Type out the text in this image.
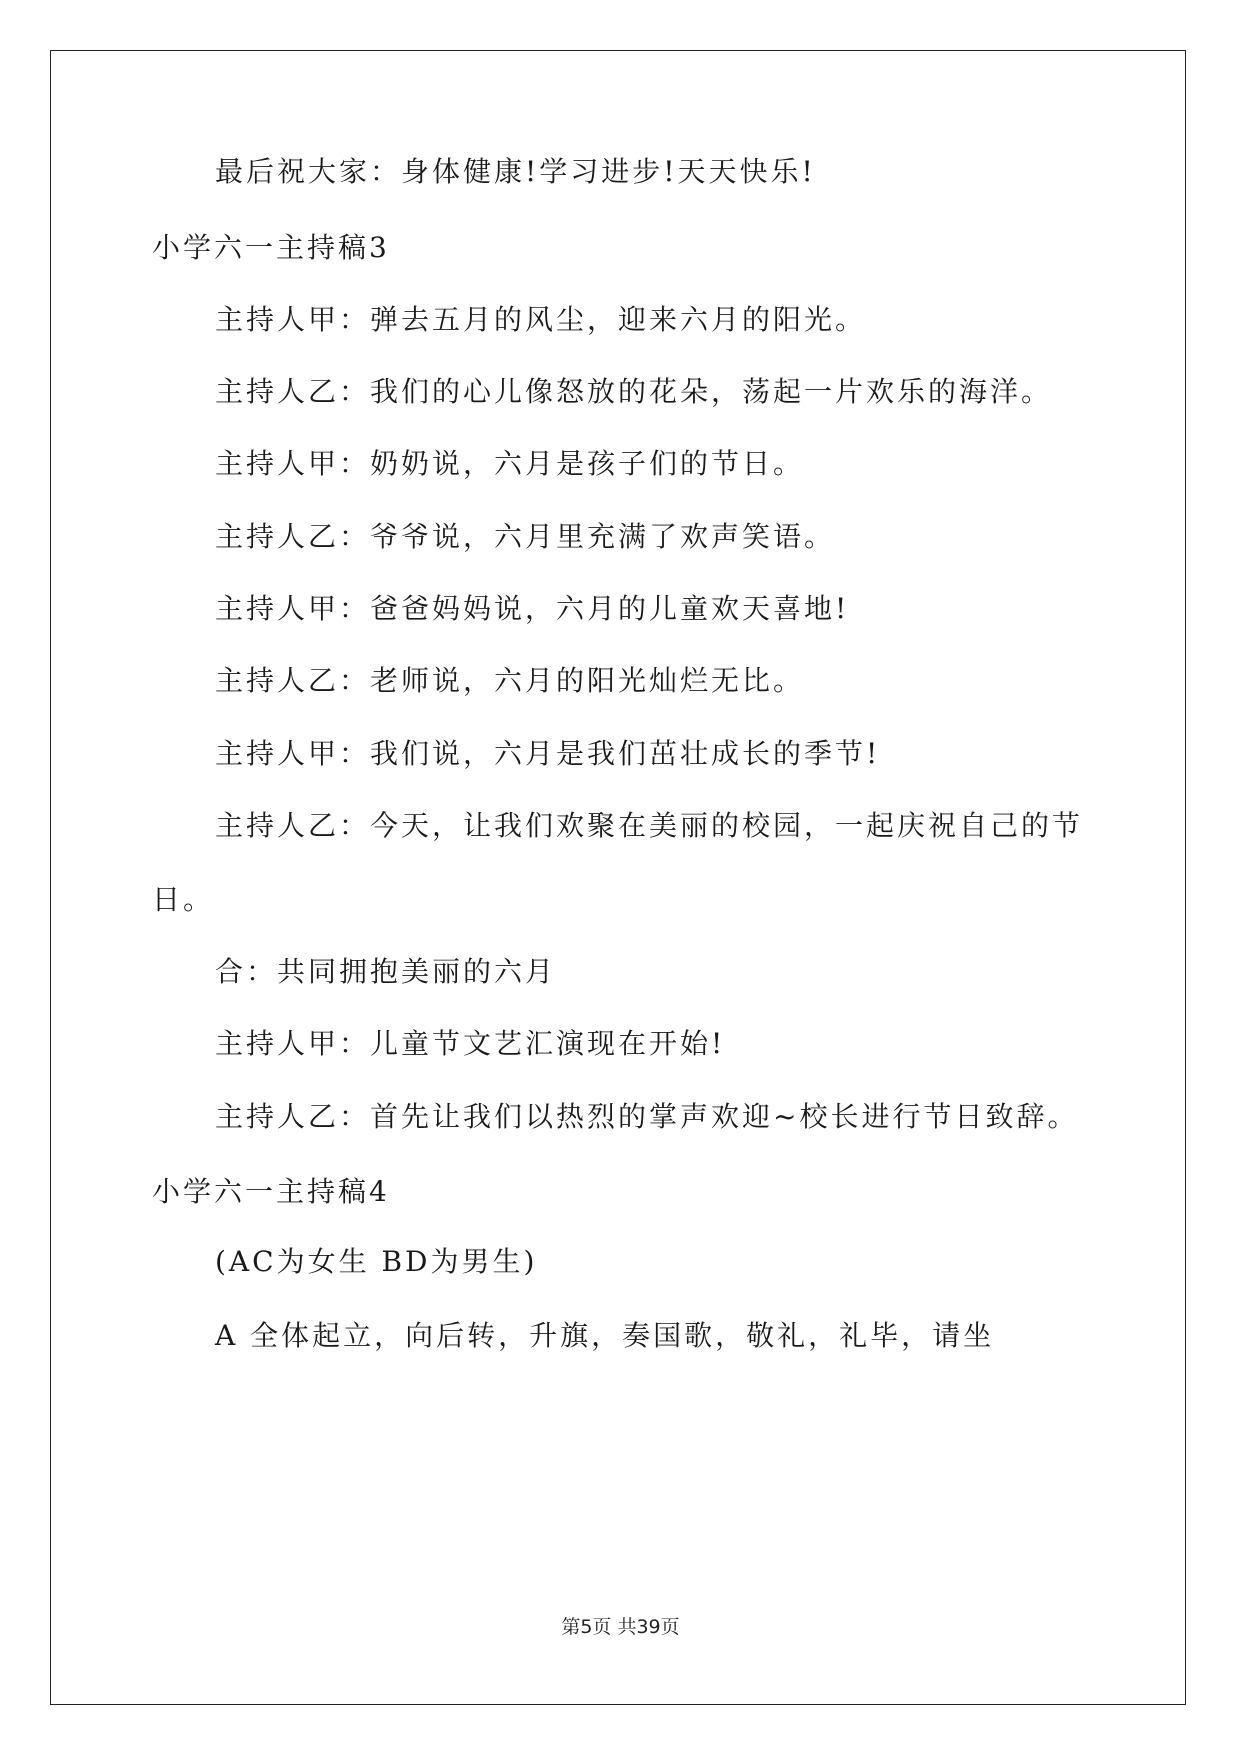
最后祝大家：身体健康!学习进步!天天快乐!
小学六一主持稿3
主持人甲：弹去五月的风尘，迎来六月的阳光。
主持人乙：我们的心儿像怒放的花朵，荡起一片欢乐的海洋。
主持人甲：奶奶说，六月是孩子们的节日。
主持人乙：爷爷说，六月里充满了欢声笑语。
主持人甲：爸爸妈妈说，六月的儿童欢天喜地!
主持人乙：老师说，六月的阳光灿烂无比。
主持人甲：我们说，六月是我们茁壮成长的季节!
主持人乙：今天，让我们欢聚在美丽的校园，一起庆祝自己的节
日。
合：共同拥抱美丽的六月
主持人甲：儿童节文艺汇演现在开始!
主持人乙：首先让我们以热烈的掌声欢迎~校长进行节日致辞。
小学六一主持稿4
(AC为女生 BD为男生)
A 全体起立，向后转，升旗，奏国歌，敬礼，礼毕，请坐
第5页 共39页
